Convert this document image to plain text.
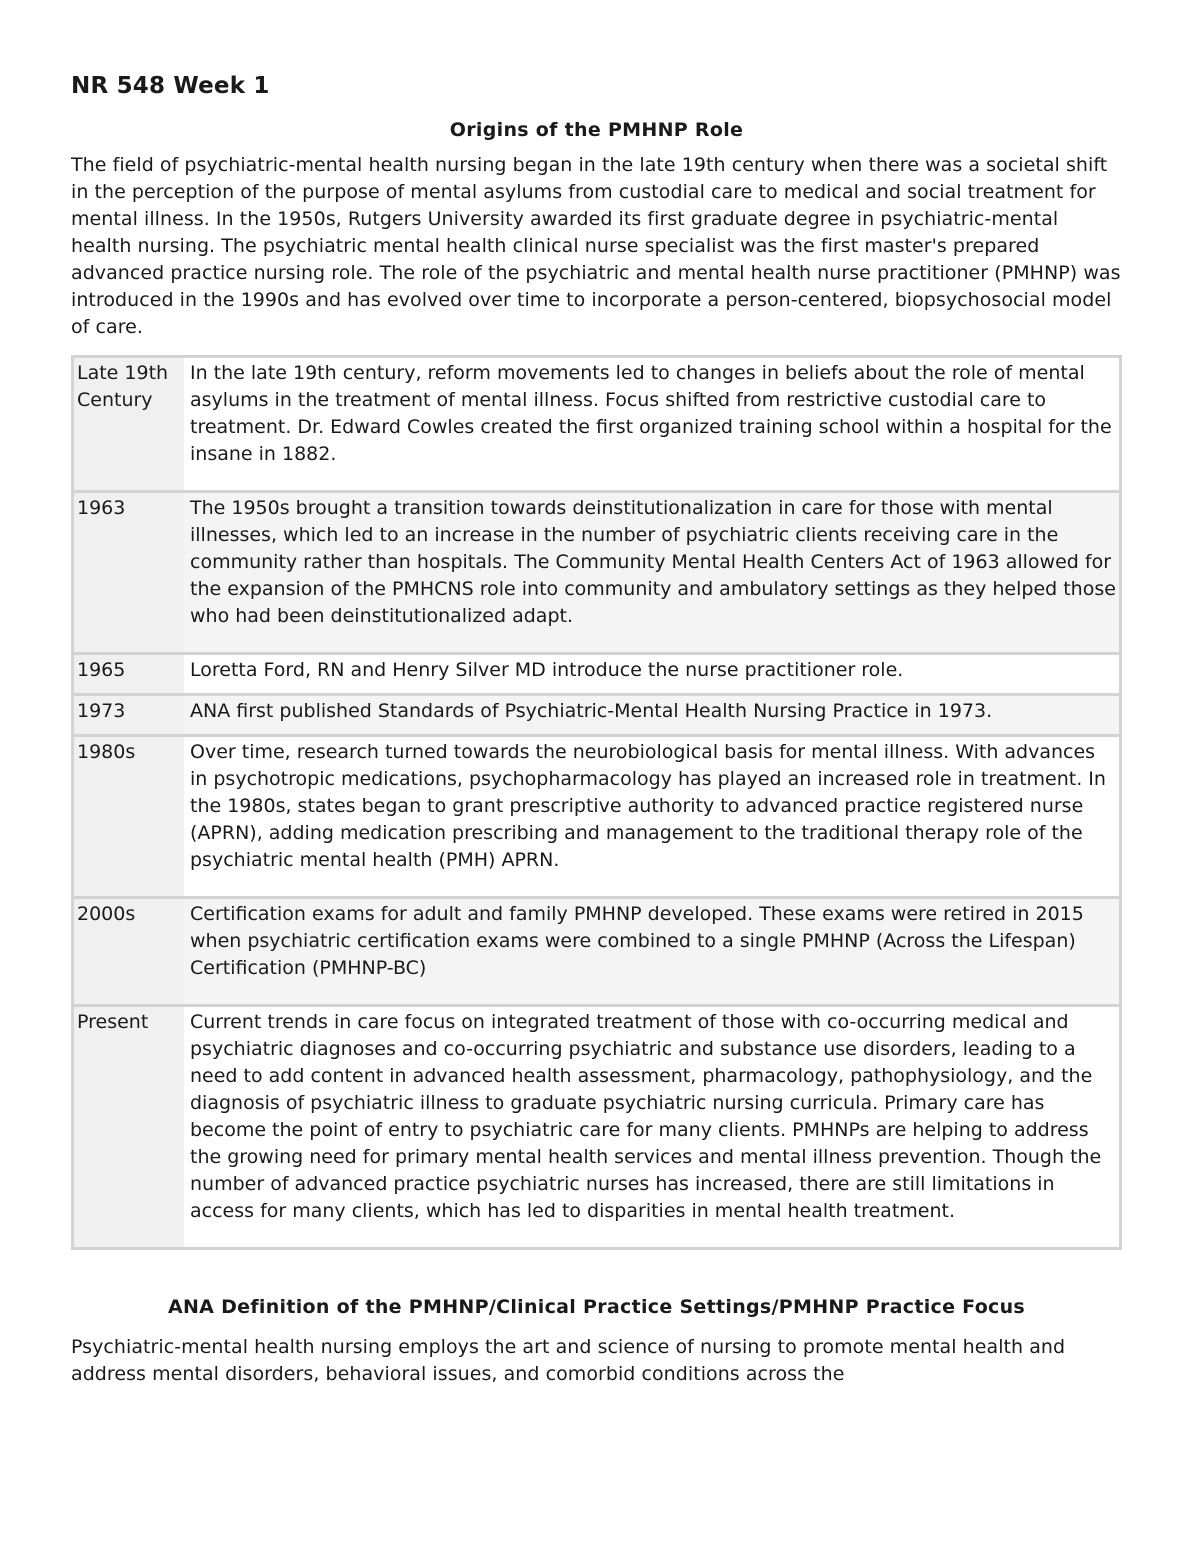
NR 548 Week 1
Origins of the PMHNP Role

The field of psychiatric-mental health nursing began in the late 19th century when there was a societal shift in the perception of the purpose of mental asylums from custodial care to medical and social treatment for mental illness. In the 1950s, Rutgers University awarded its first graduate degree in psychiatric-mental health nursing. The psychiatric mental health clinical nurse specialist was the first master's prepared advanced practice nursing role. The role of the psychiatric and mental health nurse practitioner (PMHNP) was introduced in the 1990s and has evolved over time to incorporate a person-centered, biopsychosocial model of care.

Late 19th Century	In the late 19th century, reform movements led to changes in beliefs about the role of mental asylums in the treatment of mental illness. Focus shifted from restrictive custodial care to treatment. Dr. Edward Cowles created the first organized training school within a hospital for the insane in 1882.
1963	The 1950s brought a transition towards deinstitutionalization in care for those with mental illnesses, which led to an increase in the number of psychiatric clients receiving care in the community rather than hospitals. The Community Mental Health Centers Act of 1963 allowed for the expansion of the PMHCNS role into community and ambulatory settings as they helped those who had been deinstitutionalized adapt.
1965	Loretta Ford, RN and Henry Silver MD introduce the nurse practitioner role.
1973	ANA first published Standards of Psychiatric-Mental Health Nursing Practice in 1973.
1980s	Over time, research turned towards the neurobiological basis for mental illness. With advances in psychotropic medications, psychopharmacology has played an increased role in treatment. In the 1980s, states began to grant prescriptive authority to advanced practice registered nurse (APRN), adding medication prescribing and management to the traditional therapy role of the psychiatric mental health (PMH) APRN.
2000s	Certification exams for adult and family PMHNP developed. These exams were retired in 2015 when psychiatric certification exams were combined to a single PMHNP (Across the Lifespan) Certification (PMHNP-BC)
Present	Current trends in care focus on integrated treatment of those with co-occurring medical and psychiatric diagnoses and co-occurring psychiatric and substance use disorders, leading to a need to add content in advanced health assessment, pharmacology, pathophysiology, and the diagnosis of psychiatric illness to graduate psychiatric nursing curricula. Primary care has become the point of entry to psychiatric care for many clients. PMHNPs are helping to address the growing need for primary mental health services and mental illness prevention. Though the number of advanced practice psychiatric nurses has increased, there are still limitations in access for many clients, which has led to disparities in mental health treatment.
ANA Definition of the PMHNP/Clinical Practice Settings/PMHNP Practice Focus

Psychiatric-mental health nursing employs the art and science of nursing to promote mental health and address mental disorders, behavioral issues, and comorbid conditions across the
